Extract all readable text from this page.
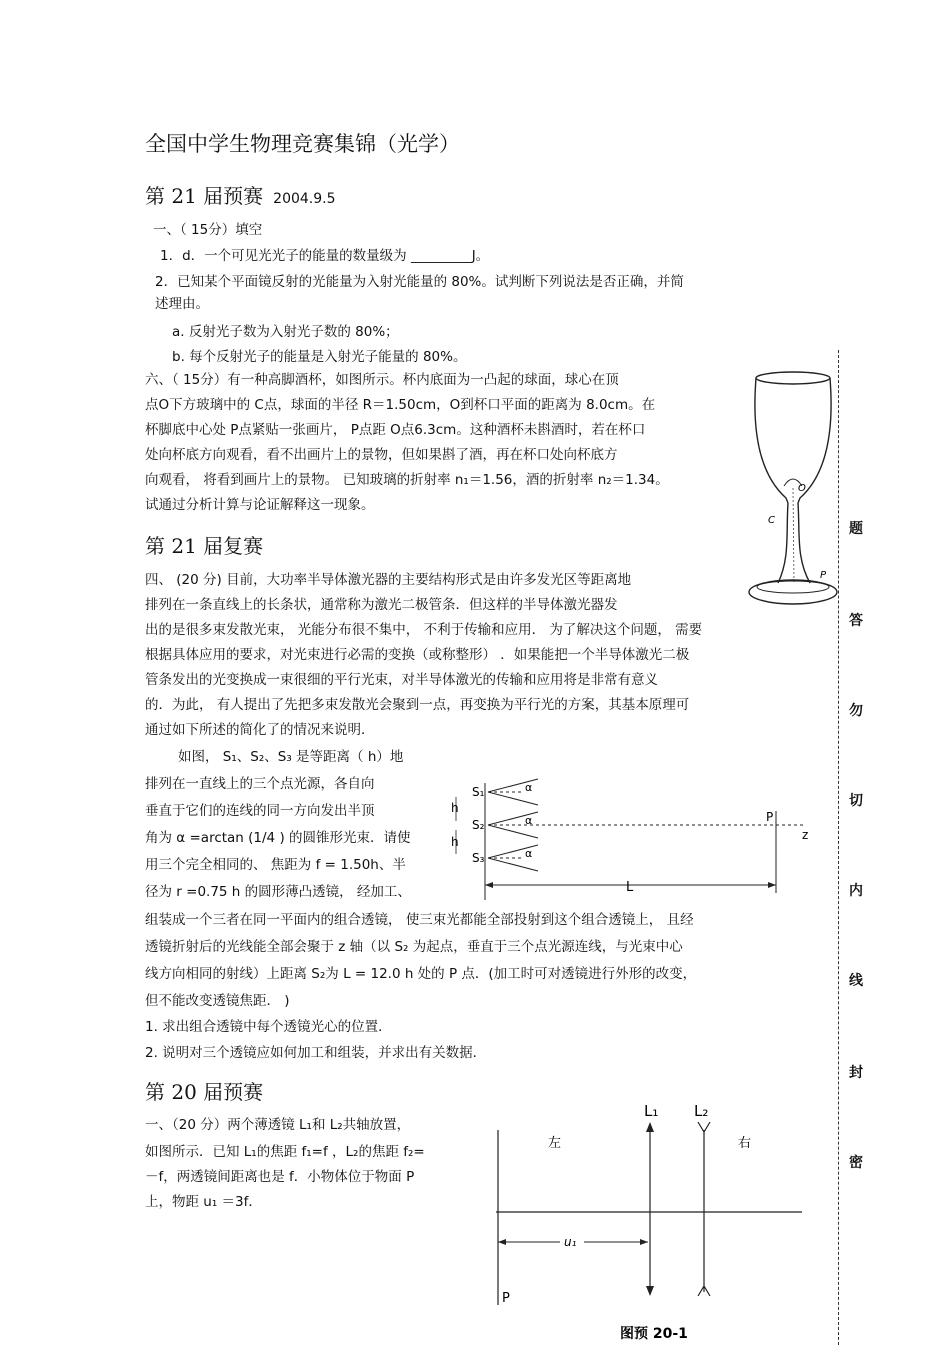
全国中学生物理竞赛集锦（光学）
第 21 届预赛 2004.9.5
一、（ 15分）填空
1．d．一个可见光光子的能量的数量级为 _________J。
2．已知某个平面镜反射的光能量为入射光能量的 80%。试判断下列说法是否正确，并简
述理由。
a. 反射光子数为入射光子数的 80%；
b. 每个反射光子的能量是入射光子能量的 80%。
六、（ 15分）有一种高脚酒杯，如图所示。杯内底面为一凸起的球面，球心在顶
点O下方玻璃中的 C点，球面的半径 R＝1.50cm，O到杯口平面的距离为 8.0cm。在
杯脚底中心处 P点紧贴一张画片， P点距 O点6.3cm。这种酒杯未斟酒时，若在杯口
处向杯底方向观看，看不出画片上的景物，但如果斟了酒，再在杯口处向杯底方
向观看， 将看到画片上的景物。 已知玻璃的折射率 n₁＝1.56，酒的折射率 n₂＝1.34。
试通过分析计算与论证解释这一现象。
O
C
P
第 21 届复赛
四、 (20 分) 目前，大功率半导体激光器的主要结构形式是由许多发光区等距离地
排列在一条直线上的长条状，通常称为激光二极管条．但这样的半导体激光器发
出的是很多束发散光束， 光能分布很不集中， 不利于传输和应用． 为了解决这个问题， 需要
根据具体应用的要求，对光束进行必需的变换（或称整形） ．如果能把一个半导体激光二极
管条发出的光变换成一束很细的平行光束，对半导体激光的传输和应用将是非常有意义
的．为此， 有人提出了先把多束发散光会聚到一点，再变换为平行光的方案，其基本原理可
通过如下所述的简化了的情况来说明．
如图， S₁、S₂、S₃ 是等距离（ h）地
排列在一直线上的三个点光源，各自向
垂直于它们的连线的同一方向发出半顶
角为 α =arctan (1/4 ) 的圆锥形光束．请使
用三个完全相同的、 焦距为 f = 1.50h、半
径为 r =0.75 h 的圆形薄凸透镜， 经加工、
组装成一个三者在同一平面内的组合透镜， 使三束光都能全部投射到这个组合透镜上， 且经
透镜折射后的光线能全部会聚于 z 轴（以 S₂ 为起点，垂直于三个点光源连线，与光束中心
线方向相同的射线）上距离 S₂为 L = 12.0 h 处的 P 点．(加工时可对透镜进行外形的改变，
但不能改变透镜焦距． )
1. 求出组合透镜中每个透镜光心的位置．
2. 说明对三个透镜应如何加工和组装，并求出有关数据．
h
h
S₁
S₂
S₃
α
α
α
P
z
L
第 20 届预赛
一、（20 分）两个薄透镜 L₁和 L₂共轴放置，
如图所示．已知 L₁的焦距 f₁=f ，L₂的焦距 f₂=
－f，两透镜间距离也是 f．小物体位于物面 P
上，物距 u₁ ＝3f．
L₁ L₂
左	右
u₁
P
图预 20-1
题
答
勿
切
内
线
封
密
